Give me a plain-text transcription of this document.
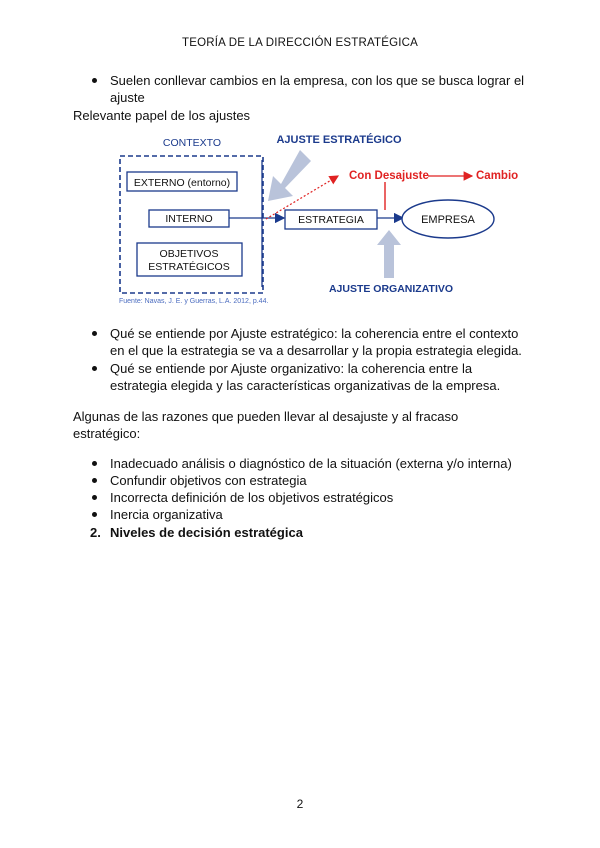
TEORÍA DE LA DIRECCIÓN ESTRATÉGICA
Suelen conllevar cambios en la empresa, con los que se busca lograr el
ajuste
Relevante papel de los ajustes
CONTEXTO
EXTERNO (entorno)
INTERNO
OBJETIVOS
ESTRATÉGICOS
AJUSTE ESTRATÉGICO
ESTRATEGIA	EMPRESA
Con Desajuste	Cambio
AJUSTE ORGANIZATIVO
Fuente: Navas, J. E. y Guerras, L.A. 2012, p.44.
Qué se entiende por Ajuste estratégico: la coherencia entre el contexto
en el que la estrategia se va a desarrollar y la propia estrategia elegida.
Qué se entiende por Ajuste organizativo: la coherencia entre la
estrategia elegida y las características organizativas de la empresa.
Algunas de las razones que pueden llevar al desajuste y al fracaso
estratégico:
Inadecuado análisis o diagnóstico de la situación (externa y/o interna)
Confundir objetivos con estrategia
Incorrecta definición de los objetivos estratégicos
Inercia organizativa
2. Niveles de decisión estratégica
2
